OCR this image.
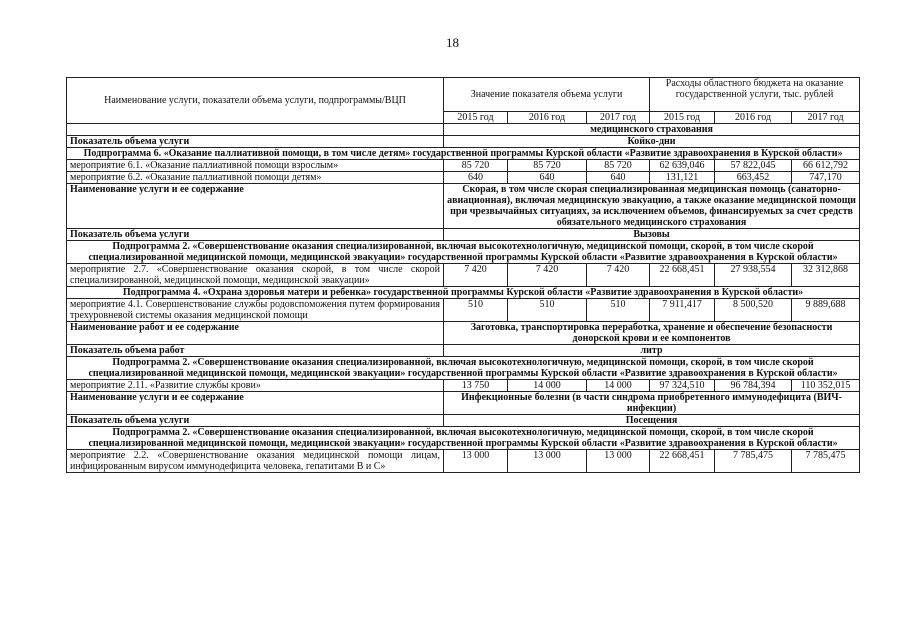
18
Наименование услуги, показатели объема услуги, подпрограммы/ВЦП	Значение показателя объема услуги			Расходы областного бюджета на оказание государственной услуги, тыс. рублей		
	2015 год	2016 год	2017 год	2015 год	2016 год	2017 год
	медицинского страхования					
Показатель объема услуги	Койко-дни					
Подпрограмма 6. «Оказание паллиативной помощи, в том числе детям» государственной программы Курской области «Развитие здравоохранения в Курской области»						
мероприятие 6.1. «Оказание паллиативной помощи взрослым»	85 720	85 720	85 720	62 639,046	57 822,045	66 612,792
мероприятие 6.2. «Оказание паллиативной помощи детям»	640	640	640	131,121	663,452	747,170
Наименование услуги и ее содержание	Скорая, в том числе скорая специализированная медицинская помощь (санаторно-авиационная), включая медицинскую эвакуацию, а также оказание медицинской помощи при чрезвычайных ситуациях, за исключением объемов, финансируемых за счет средств обязательного медицинского страхования					
Показатель объема услуги	Вызовы					
Подпрограмма 2. «Совершенствование оказания специализированной, включая высокотехнологичную, медицинской помощи, скорой, в том числе скорой специализированной медицинской помощи, медицинской эвакуации» государственной программы Курской области «Развитие здравоохранения в Курской области»						
мероприятие 2.7. «Совершенствование оказания скорой, в том числе скорой специализированной, медицинской помощи, медицинской эвакуации»	7 420	7 420	7 420	22 668,451	27 938,554	32 312,868
Подпрограмма 4. «Охрана здоровья матери и ребенка» государственной программы Курской области «Развитие здравоохранения в Курской области»						
мероприятие 4.1. Совершенствование службы родовспоможения путем формирования трехуровневой системы оказания медицинской помощи	510	510	510	7 911,417	8 500,520	9 889,688
Наименование работ и ее содержание	Заготовка, транспортировка переработка, хранение и обеспечение безопасности донорской крови и ее компонентов					
Показатель объема работ	литр					
Подпрограмма 2. «Совершенствование оказания специализированной, включая высокотехнологичную, медицинской помощи, скорой, в том числе скорой специализированной медицинской помощи, медицинской эвакуации» государственной программы Курской области «Развитие здравоохранения в Курской области»						
мероприятие 2.11. «Развитие службы крови»	13 750	14 000	14 000	97 324,510	96 784,394	110 352,015
Наименование услуги и ее содержание	Инфекционные болезни (в части синдрома приобретенного иммунодефицита (ВИЧ-инфекции)					
Показатель объема услуги	Посещения					
Подпрограмма 2. «Совершенствование оказания специализированной, включая высокотехнологичную, медицинской помощи, скорой, в том числе скорой специализированной медицинской помощи, медицинской эвакуации» государственной программы Курской области «Развитие здравоохранения в Курской области»						
мероприятие 2.2. «Совершенствование оказания медицинской помощи лицам, инфицированным вирусом иммунодефицита человека, гепатитами В и С»	13 000	13 000	13 000	22 668,451	7 785,475	7 785,475
